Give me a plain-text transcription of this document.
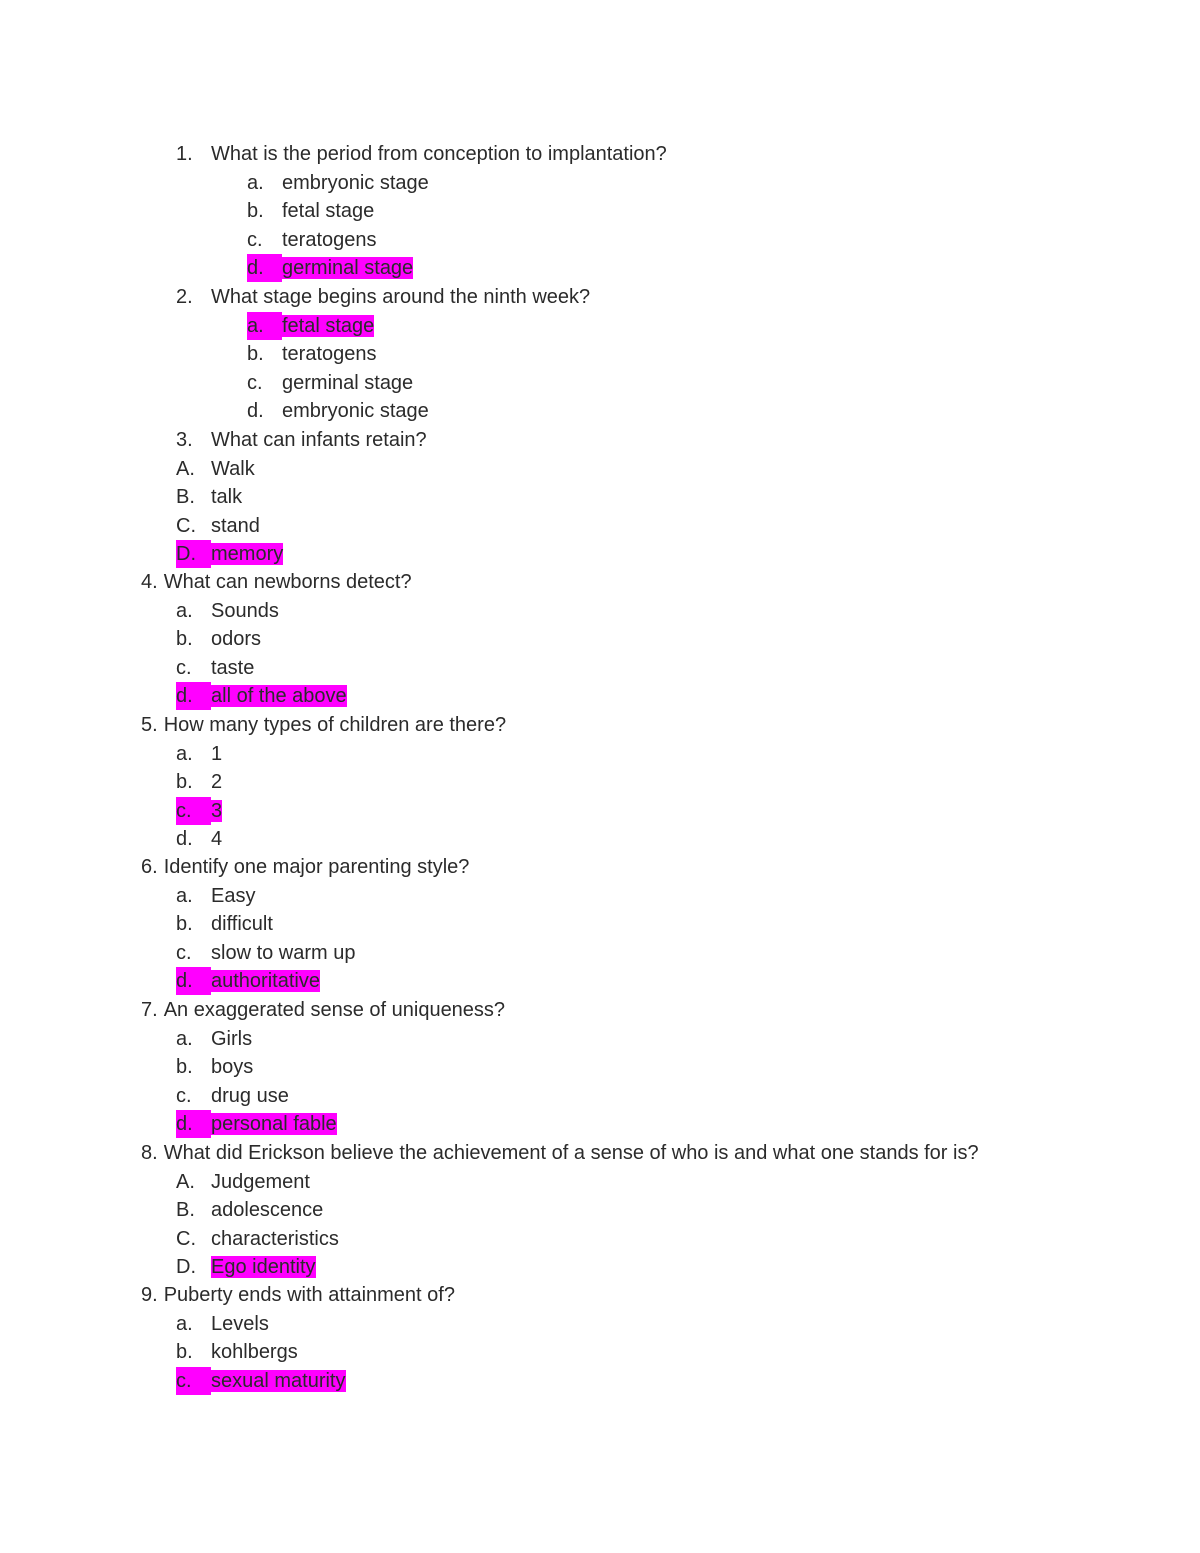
1. What is the period from conception to implantation?
a. embryonic stage
b. fetal stage
c. teratogens
d. germinal stage
2. What stage begins around the ninth week?
a. fetal stage
b. teratogens
c. germinal stage
d. embryonic stage
3. What can infants retain?
A. Walk
B. talk
C. stand
D. memory
4. What can newborns detect?
a. Sounds
b. odors
c. taste
d. all of the above
5. How many types of children are there?
a. 1
b. 2
c. 3
d. 4
6. Identify one major parenting style?
a. Easy
b. difficult
c. slow to warm up
d. authoritative
7. An exaggerated sense of uniqueness?
a. Girls
b. boys
c. drug use
d. personal fable
8. What did Erickson believe the achievement of a sense of who is and what one stands for is?
A. Judgement
B. adolescence
C. characteristics
D. Ego identity
9. Puberty ends with attainment of?
a. Levels
b. kohlbergs
c. sexual maturity
